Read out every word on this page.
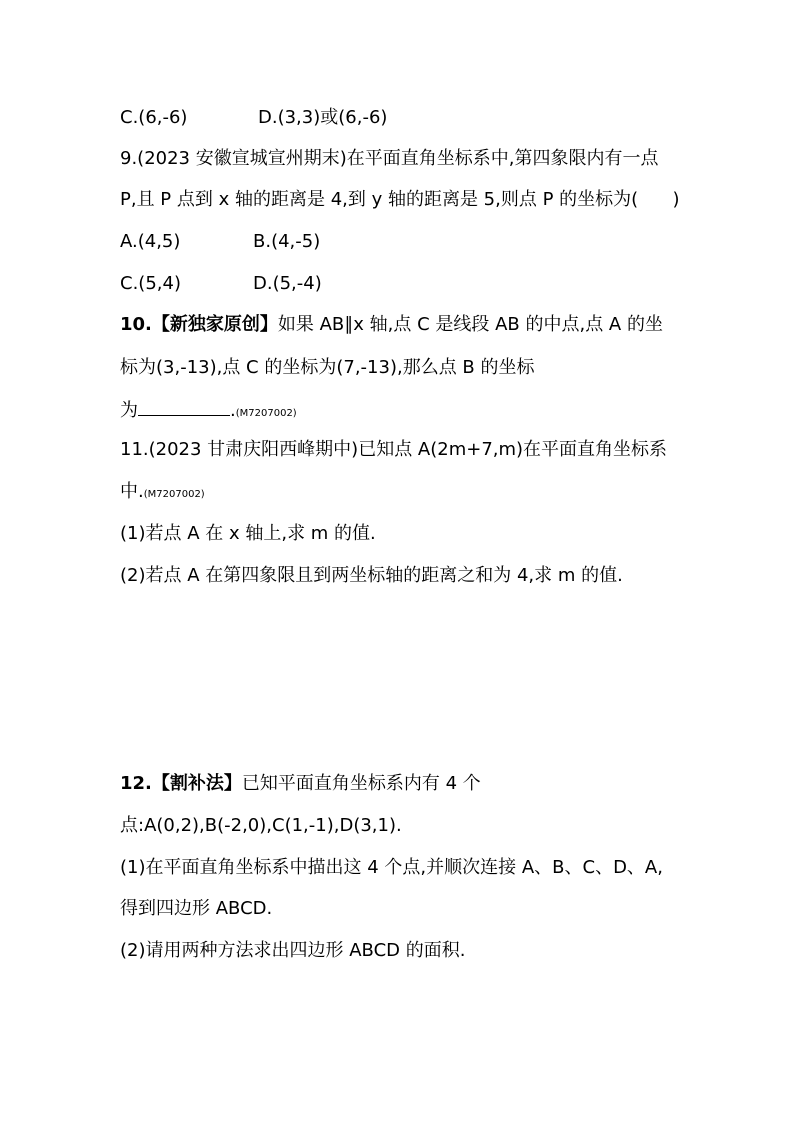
C.(6,-6)	D.(3,3)或(6,-6)
9.(2023 安徽宣城宣州期末)在平面直角坐标系中,第四象限内有一点
P,且 P 点到 x 轴的距离是 4,到 y 轴的距离是 5,则点 P 的坐标为(      )
A.(4,5)	B.(4,-5)
C.(5,4)	D.(5,-4)
10.【新独家原创】如果 AB∥x 轴,点 C 是线段 AB 的中点,点 A 的坐
标为(3,-13),点 C 的坐标为(7,-13),那么点 B 的坐标
为	.(M7207002)
11.(2023 甘肃庆阳西峰期中)已知点 A(2m+7,m)在平面直角坐标系
中.(M7207002)
(1)若点 A 在 x 轴上,求 m 的值.
(2)若点 A 在第四象限且到两坐标轴的距离之和为 4,求 m 的值.
12.【割补法】已知平面直角坐标系内有 4 个
点:A(0,2),B(-2,0),C(1,-1),D(3,1).
(1)在平面直角坐标系中描出这 4 个点,并顺次连接 A、B、C、D、A,
得到四边形 ABCD.
(2)请用两种方法求出四边形 ABCD 的面积.
